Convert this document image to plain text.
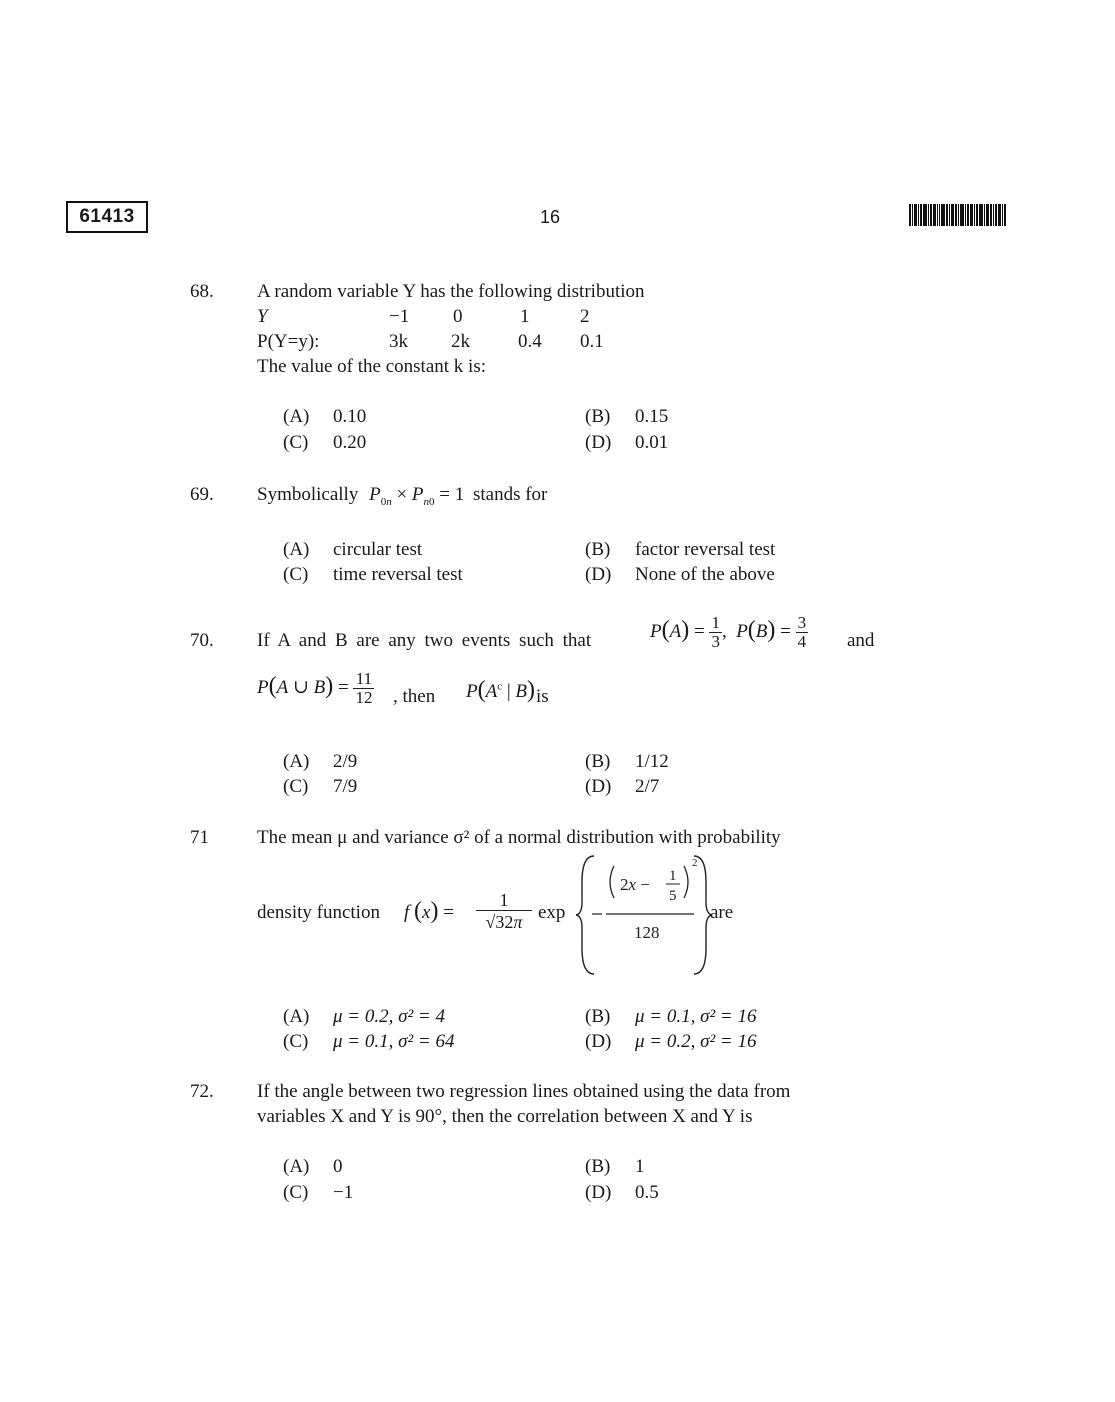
61413	16
68. A random variable Y has the following distribution
Y	−1 0	1	2
P(Y=y):	3k 2k	0.4 0.1
The value of the constant k is:
(A) 0.10	(B) 0.15
(C) 0.20	(D) 0.01
69. Symbolically $P_{0n} \times P_{n0} = 1$ stands for
(A) circular test	(B) factor reversal test
(C) time reversal test	(D) None of the above
70. If A and B are any two events such that	$P(A) = \frac{1}{3}$ ,  $P(B) = \frac{3}{4}$ and
P(A ∪ $B) = \frac{11}{12}$ , then $P(A^c$ | B) is
(A) 2/9	(B) 1/12
(C) 7/9	(D) 2/7
71	The mean μ and variance σ² of a normal distribution with probability
density function f (x) =
1
√32π exp
2x − 1
5
2
128
are
(A) μ = 0.2, σ² = 4	(B) μ = 0.1, σ² = 16
(C) μ = 0.1, σ² = 64	(D) μ = 0.2, σ² = 16
72. If the angle between two regression lines obtained using the data from
variables X and Y is 90°, then the correlation between X and Y is
(A) 0	(B) 1
(C) −1	(D) 0.5
